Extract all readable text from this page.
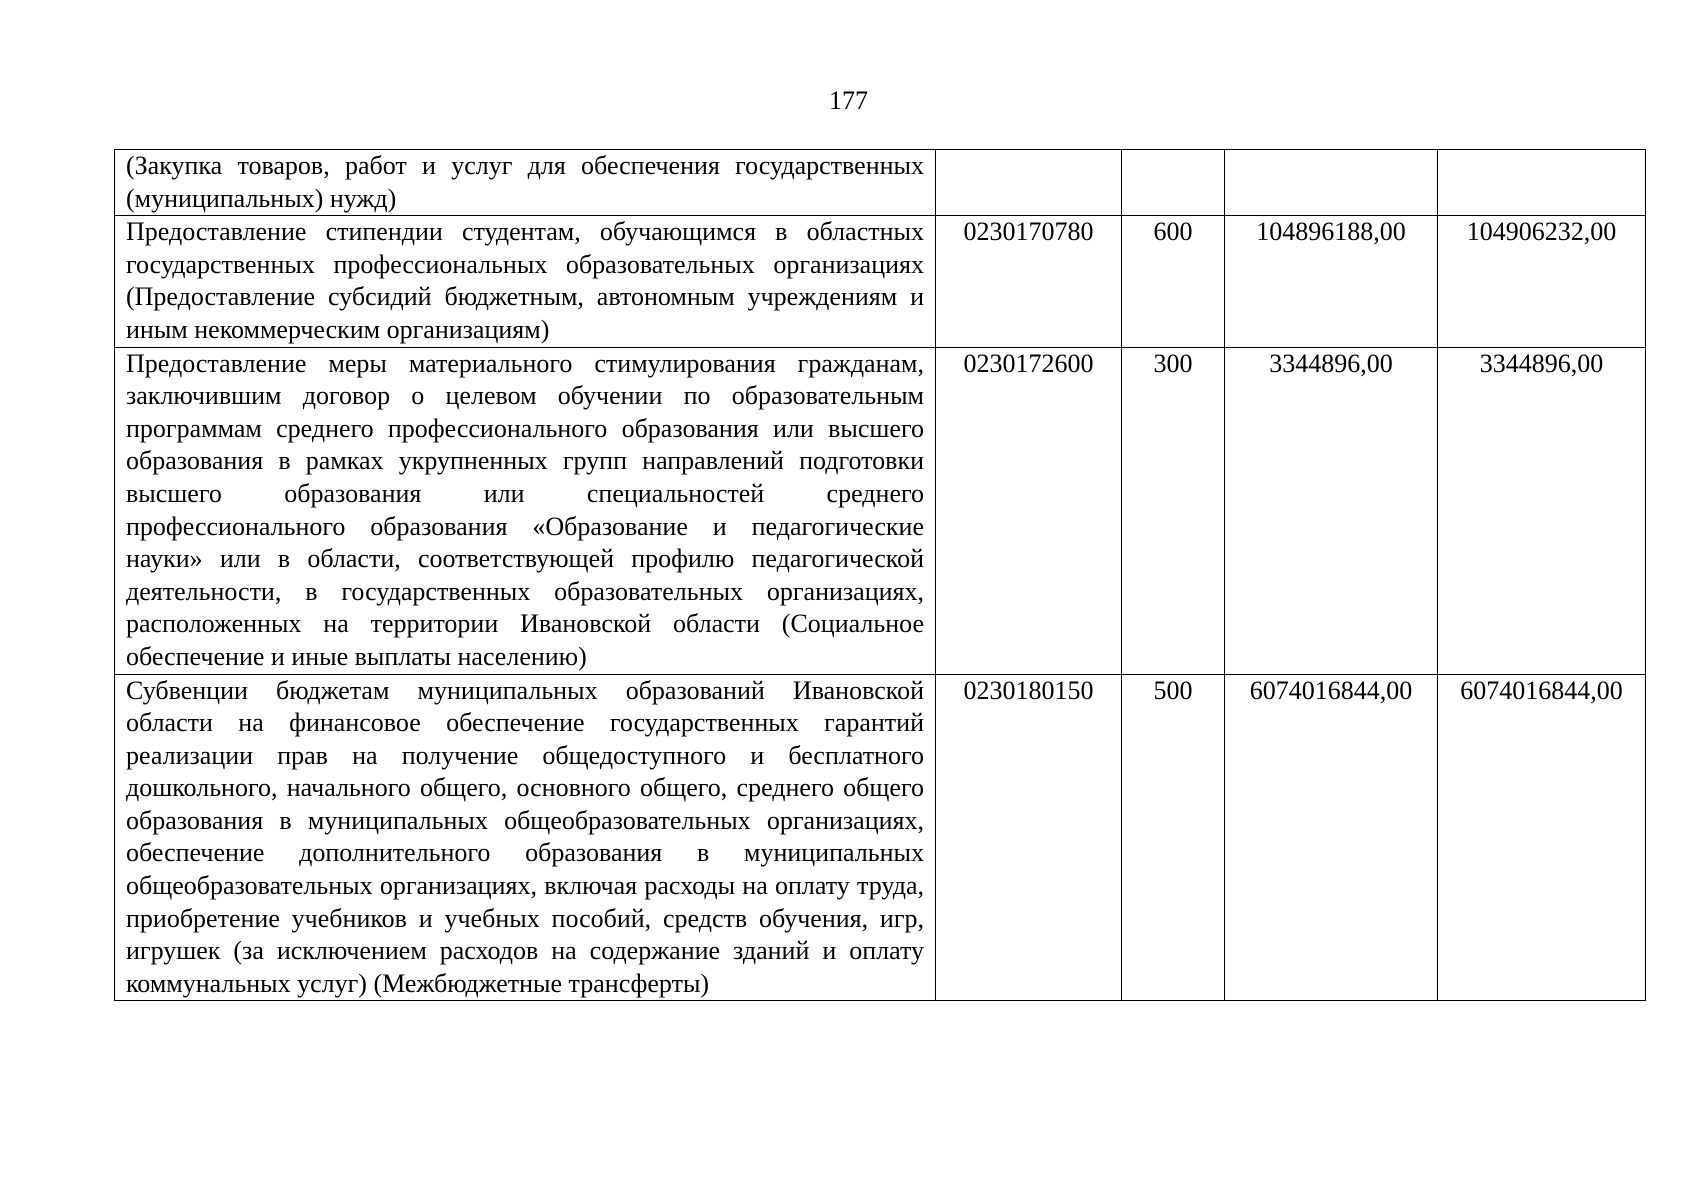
177
(Закупка товаров, работ и услуг для обеспечения государственных (муниципальных) нужд)				
Предоставление стипендии студентам, обучающимся в областных государственных профессиональных образовательных организациях (Предоставление субсидий бюджетным, автономным учреждениям и иным некоммерческим организациям)	0230170780	600	104896188,00	104906232,00
Предоставление меры материального стимулирования гражданам, заключившим договор о целевом обучении по образовательным программам среднего профессионального образования или высшего образования в рамках укрупненных групп направлений подготовки высшего образования или специальностей среднего профессионального образования «Образование и педагогические науки» или в области, соответствующей профилю педагогической деятельности, в государственных образовательных организациях, расположенных на территории Ивановской области (Социальное обеспечение и иные выплаты населению)	0230172600	300	3344896,00	3344896,00
Субвенции бюджетам муниципальных образований Ивановской области на финансовое обеспечение государственных гарантий реализации прав на получение общедоступного и бесплатного дошкольного, начального общего, основного общего, среднего общего образования в муниципальных общеобразовательных организациях, обеспечение дополнительного образования в муниципальных общеобразовательных организациях, включая расходы на оплату труда, приобретение учебников и учебных пособий, средств обучения, игр, игрушек (за исключением расходов на содержание зданий и оплату коммунальных услуг) (Межбюджетные трансферты)	0230180150	500	6074016844,00	6074016844,00
